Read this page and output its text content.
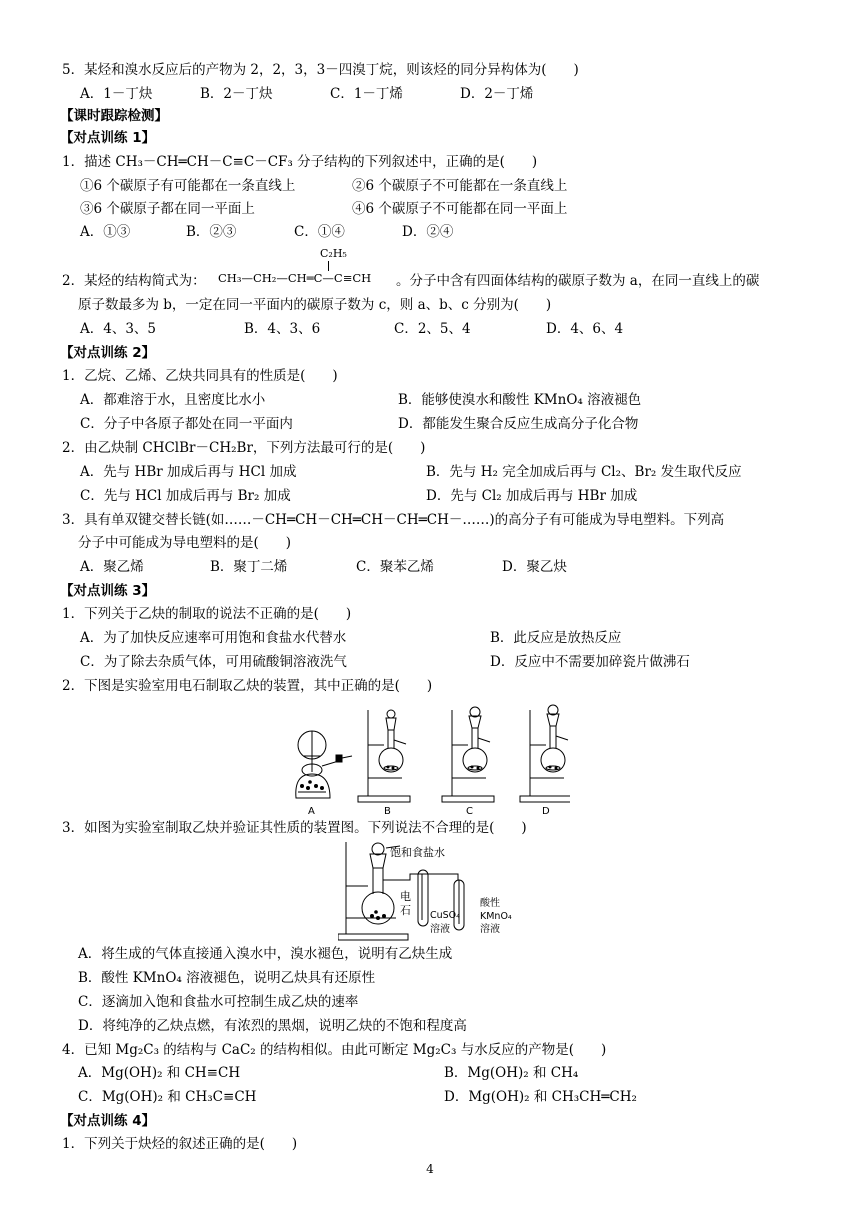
5．某烃和溴水反应后的产物为 2，2，3，3－四溴丁烷，则该烃的同分异构体为(　　)
A．1－丁炔	B．2－丁炔	C．1－丁烯	D．2－丁烯
【课时跟踪检测】
【对点训练 1】
1．描述 CH₃－CH═CH－C≡C－CF₃ 分子结构的下列叙述中，正确的是(　　)
①6 个碳原子有可能都在一条直线上	②6 个碳原子不可能都在一条直线上
③6 个碳原子都在同一平面上	④6 个碳原子不可能都在同一平面上
A．①③	B．②③	C．①④	D．②④
2．某烃的结构简式为： CH₃—CH₂—CH═C—C≡CH
C₂H₅
。分子中含有四面体结构的碳原子数为 a，在同一直线上的碳
原子数最多为 b，一定在同一平面内的碳原子数为 c，则 a、b、c 分别为(　　)
A．4、3、5	B．4、3、6	C．2、5、4	D．4、6、4
【对点训练 2】
1．乙烷、乙烯、乙炔共同具有的性质是(　　)
A．都难溶于水，且密度比水小	B．能够使溴水和酸性 KMnO₄ 溶液褪色
C．分子中各原子都处在同一平面内	D．都能发生聚合反应生成高分子化合物
2．由乙炔制 CHClBr－CH₂Br，下列方法最可行的是(　　)
A．先与 HBr 加成后再与 HCl 加成	B．先与 H₂ 完全加成后再与 Cl₂、Br₂ 发生取代反应
C．先与 HCl 加成后再与 Br₂ 加成	D．先与 Cl₂ 加成后再与 HBr 加成
3．具有单双键交替长链(如……－CH═CH－CH═CH－CH═CH－……)的高分子有可能成为导电塑料。下列高
分子中可能成为导电塑料的是(　　)
A．聚乙烯	B．聚丁二烯	C．聚苯乙烯	D．聚乙炔
【对点训练 3】
1．下列关于乙炔的制取的说法不正确的是(　　)
A．为了加快反应速率可用饱和食盐水代替水	B．此反应是放热反应
C．为了除去杂质气体，可用硫酸铜溶液洗气	D．反应中不需要加碎瓷片做沸石
2．下图是实验室用电石制取乙炔的装置，其中正确的是(　　)
A	B	C	D
3．如图为实验室制取乙炔并验证其性质的装置图。下列说法不合理的是(　　)
饱和食盐水
电
石 CuSO₄
溶液
酸性
KMnO₄
溶液
A．将生成的气体直接通入溴水中，溴水褪色，说明有乙炔生成
B．酸性 KMnO₄ 溶液褪色，说明乙炔具有还原性
C．逐滴加入饱和食盐水可控制生成乙炔的速率
D．将纯净的乙炔点燃，有浓烈的黑烟，说明乙炔的不饱和程度高
4．已知 Mg₂C₃ 的结构与 CaC₂ 的结构相似。由此可断定 Mg₂C₃ 与水反应的产物是(　　)
A．Mg(OH)₂ 和 CH≡CH	B．Mg(OH)₂ 和 CH₄
C．Mg(OH)₂ 和 CH₃C≡CH	D．Mg(OH)₂ 和 CH₃CH═CH₂
【对点训练 4】
1．下列关于炔烃的叙述正确的是(　　)
4
